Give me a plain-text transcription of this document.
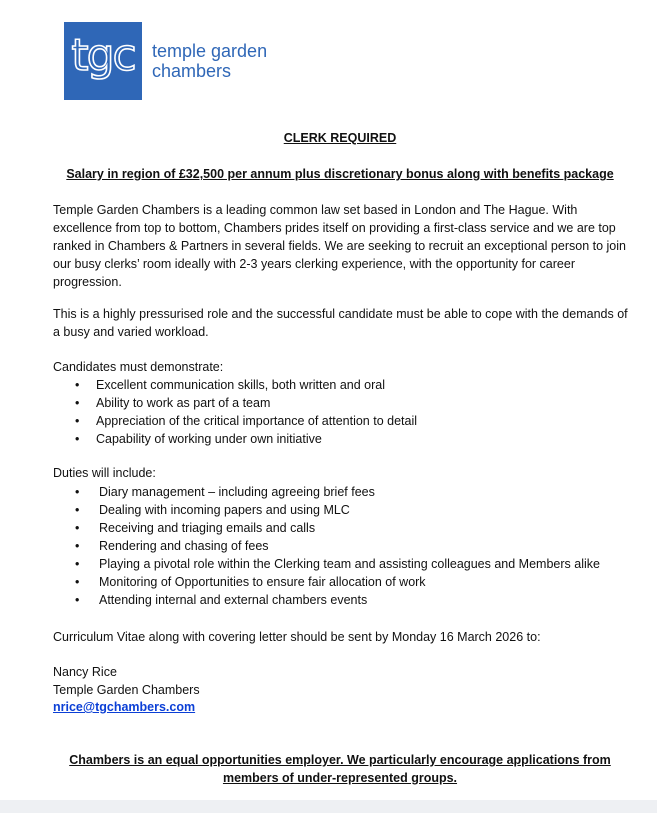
tgc temple garden
chambers
CLERK REQUIRED
Salary in region of £32,500 per annum plus discretionary bonus along with benefits package
Temple Garden Chambers is a leading common law set based in London and The Hague. With excellence from top to bottom, Chambers prides itself on providing a first-class service and we are top ranked in Chambers & Partners in several fields. We are seeking to recruit an exceptional person to join our busy clerks’ room ideally with 2-3 years clerking experience, with the opportunity for career progression.
This is a highly pressurised role and the successful candidate must be able to cope with the demands of a busy and varied workload.
Candidates must demonstrate:
• Excellent communication skills, both written and oral
• Ability to work as part of a team
• Appreciation of the critical importance of attention to detail
• Capability of working under own initiative
Duties will include:
• Diary management – including agreeing brief fees
• Dealing with incoming papers and using MLC
• Receiving and triaging emails and calls
• Rendering and chasing of fees
• Playing a pivotal role within the Clerking team and assisting colleagues and Members alike
• Monitoring of Opportunities to ensure fair allocation of work
• Attending internal and external chambers events
Curriculum Vitae along with covering letter should be sent by Monday 16 March 2026 to:
Nancy Rice
Temple Garden Chambers
nrice@tgchambers.com
Chambers is an equal opportunities employer. We particularly encourage applications from members of under-represented groups.
